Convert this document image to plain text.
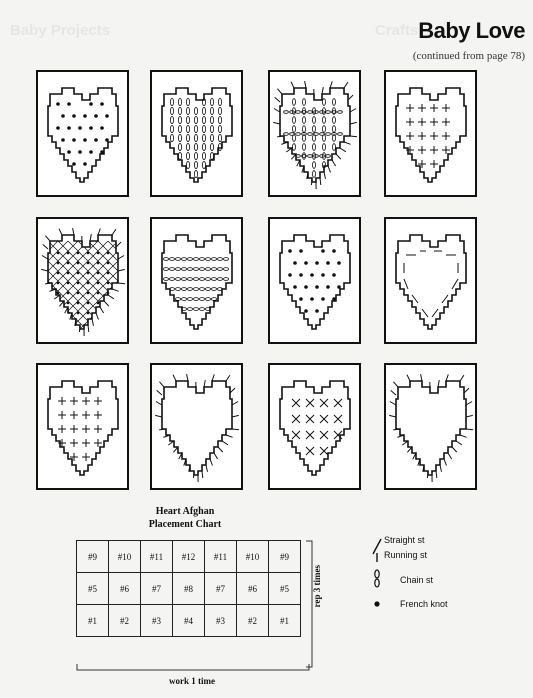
Baby Projects	Crafts Baby Love
(continued from page 78)
Heart Afghan
Placement Chart
#9	#10	#11	#12	#11	#10	#9
#5	#6	#7	#8	#7	#6	#5
#1	#2	#3	#4	#3	#2	#1
rep 3 times
work 1 time
Straight st
Running st
Chain st
French knot
